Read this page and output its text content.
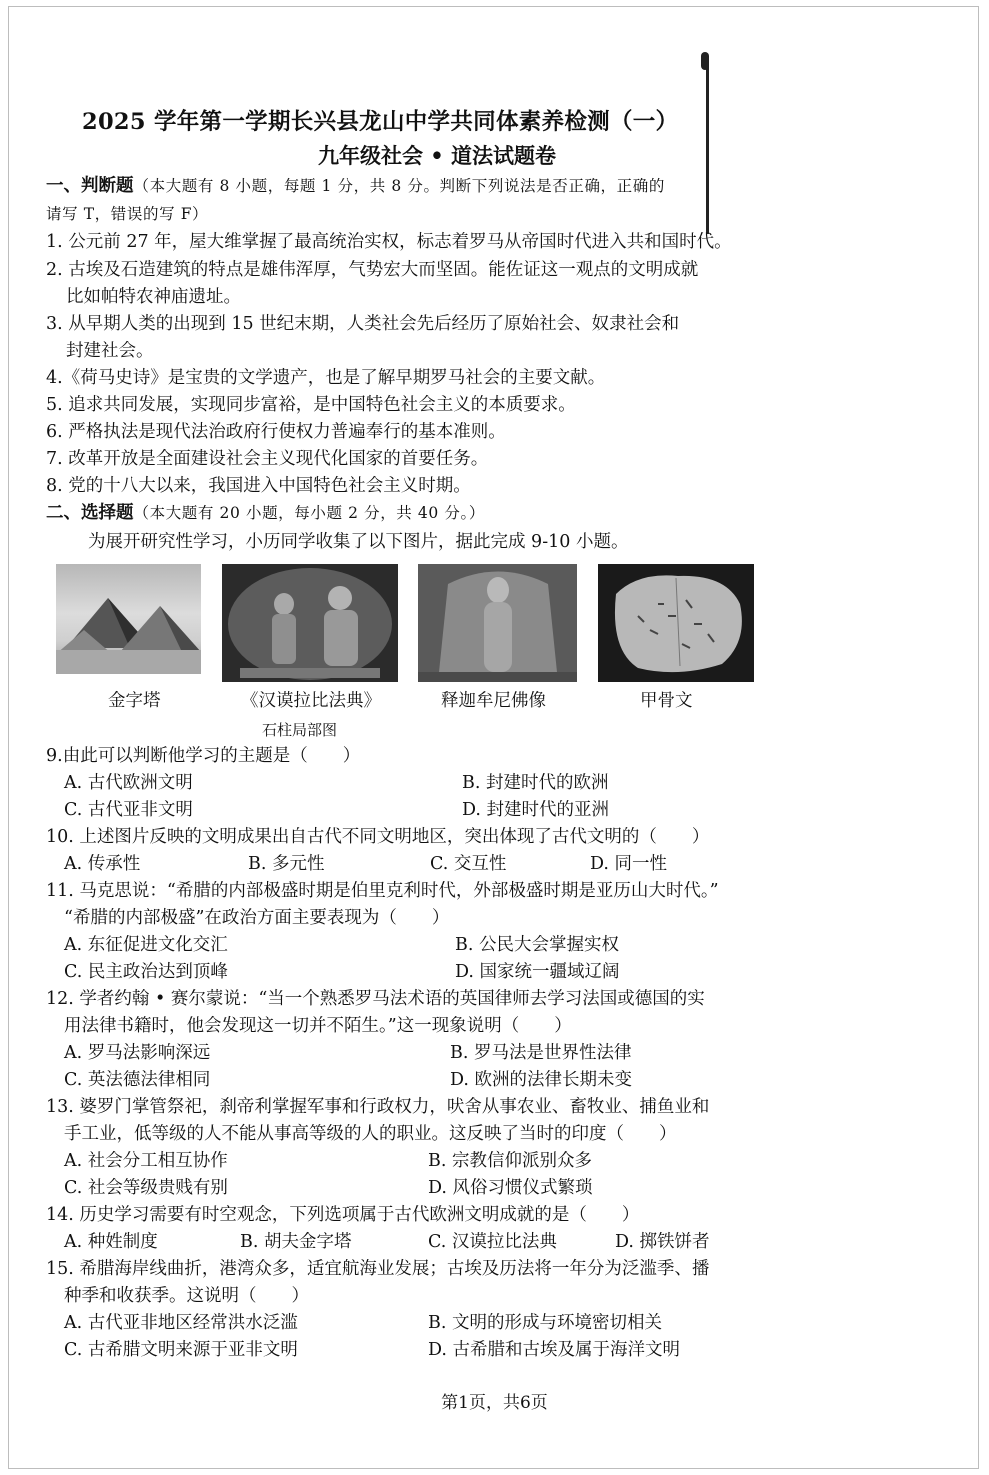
2025 学年第一学期长兴县龙山中学共同体素养检测（一）
九年级社会 • 道法试题卷
一、判断题（本大题有 8 小题，每题 1 分，共 8 分。判断下列说法是否正确，正确的
请写 T，错误的写 F）
1. 公元前 27 年，屋大维掌握了最高统治实权，标志着罗马从帝国时代进入共和国时代。
2. 古埃及石造建筑的特点是雄伟浑厚，气势宏大而坚固。能佐证这一观点的文明成就
比如帕特农神庙遗址。
3. 从早期人类的出现到 15 世纪末期，人类社会先后经历了原始社会、奴隶社会和
封建社会。
4.《荷马史诗》是宝贵的文学遗产，也是了解早期罗马社会的主要文献。
5. 追求共同发展，实现同步富裕，是中国特色社会主义的本质要求。
6. 严格执法是现代法治政府行使权力普遍奉行的基本准则。
7. 改革开放是全面建设社会主义现代化国家的首要任务。
8. 党的十八大以来，我国进入中国特色社会主义时期。
二、选择题（本大题有 20 小题，每小题 2 分，共 40 分。）
为展开研究性学习，小历同学收集了以下图片，据此完成 9-10 小题。
金字塔	《汉谟拉比法典》
石柱局部图
释迦牟尼佛像	甲骨文
9.由此可以判断他学习的主题是（　　）
A. 古代欧洲文明	B. 封建时代的欧洲
C. 古代亚非文明	D. 封建时代的亚洲
10. 上述图片反映的文明成果出自古代不同文明地区，突出体现了古代文明的（　　）
A. 传承性	B. 多元性	C. 交互性	D. 同一性
11. 马克思说：“希腊的内部极盛时期是伯里克利时代，外部极盛时期是亚历山大时代。”
“希腊的内部极盛”在政治方面主要表现为（　　）
A. 东征促进文化交汇	B. 公民大会掌握实权
C. 民主政治达到顶峰	D. 国家统一疆域辽阔
12. 学者约翰 • 赛尔蒙说：“当一个熟悉罗马法术语的英国律师去学习法国或德国的实
用法律书籍时，他会发现这一切并不陌生。”这一现象说明（　　）
A. 罗马法影响深远	B. 罗马法是世界性法律
C. 英法德法律相同	D. 欧洲的法律长期未变
13. 婆罗门掌管祭祀，刹帝利掌握军事和行政权力，吠舍从事农业、畜牧业、捕鱼业和
手工业，低等级的人不能从事高等级的人的职业。这反映了当时的印度（　　）
A. 社会分工相互协作	B. 宗教信仰派别众多
C. 社会等级贵贱有别	D. 风俗习惯仪式繁琐
14. 历史学习需要有时空观念，下列选项属于古代欧洲文明成就的是（　　）
A. 种姓制度	B. 胡夫金字塔	C. 汉谟拉比法典	D. 掷铁饼者
15. 希腊海岸线曲折，港湾众多，适宜航海业发展；古埃及历法将一年分为泛滥季、播
种季和收获季。这说明（　　）
A. 古代亚非地区经常洪水泛滥	B. 文明的形成与环境密切相关
C. 古希腊文明来源于亚非文明	D. 古希腊和古埃及属于海洋文明
第1页，共6页
